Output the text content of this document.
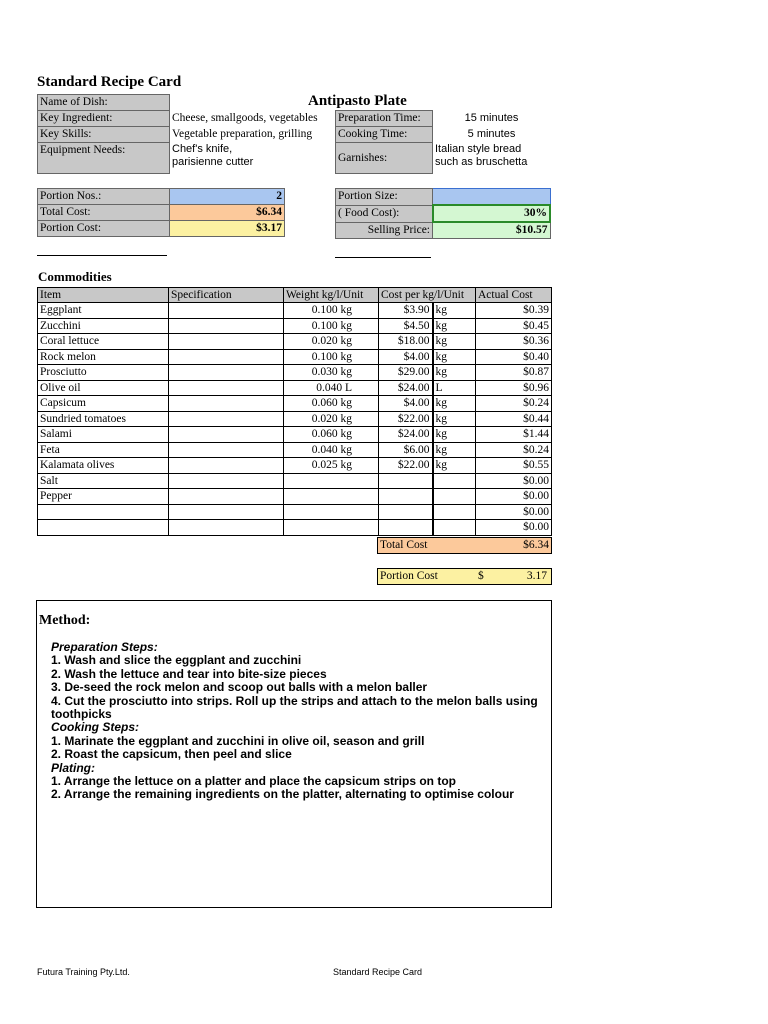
Standard Recipe Card
Antipasto Plate
Name of Dish:	
Key Ingredient:	Cheese, smallgoods, vegetables
Key Skills:	Vegetable preparation, grilling
Equipment Needs:	Chef's knife,
parisienne cutter
Preparation Time:	15 minutes
Cooking Time:	5 minutes
Garnishes:	Italian style bread
such as bruschetta
Portion Nos.:	2
Total Cost:	$6.34
Portion Cost:	$3.17
Portion Size:	
( Food Cost):	30%
Selling Price:	$10.57
Commodities
Item	Specification	Weight kg/l/Unit	Cost per kg/l/Unit		Actual Cost
Eggplant		0.100 kg	$3.90	kg	$0.39
Zucchini		0.100 kg	$4.50	kg	$0.45
Coral lettuce		0.020 kg	$18.00	kg	$0.36
Rock melon		0.100 kg	$4.00	kg	$0.40
Prosciutto		0.030 kg	$29.00	kg	$0.87
Olive oil		0.040 L	$24.00	L	$0.96
Capsicum		0.060 kg	$4.00	kg	$0.24
Sundried tomatoes		0.020 kg	$22.00	kg	$0.44
Salami		0.060 kg	$24.00	kg	$1.44
Feta		0.040 kg	$6.00	kg	$0.24
Kalamata olives		0.025 kg	$22.00	kg	$0.55
Salt					$0.00
Pepper					$0.00
					$0.00
					$0.00
Total Cost	$6.34
Portion Cost	$	3.17
Method:
Preparation Steps:
1. Wash and slice the eggplant and zucchini
2. Wash the lettuce and tear into bite-size pieces
3. De-seed the rock melon and scoop out balls with a melon baller
4. Cut the prosciutto into strips. Roll up the strips and attach to the melon balls using
toothpicks
Cooking Steps:
1. Marinate the eggplant and zucchini in olive oil, season and grill
2. Roast the capsicum, then peel and slice
Plating:
1. Arrange the lettuce on a platter and place the capsicum strips on top
2. Arrange the remaining ingredients on the platter, alternating to optimise colour
Futura Training Pty.Ltd.	Standard Recipe Card
